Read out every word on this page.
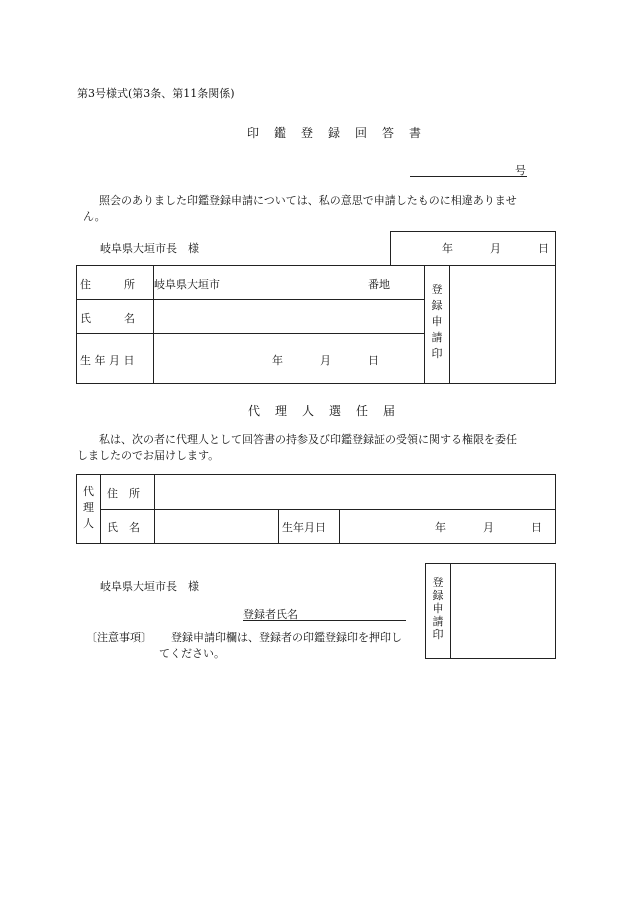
第3号様式(第3条、第11条関係)
印鑑登録回答書
号
照会のありました印鑑登録申請については、私の意思で申請したものに相違ありませ
ん。
岐阜県大垣市長　様	年	月	日
住　　　所 岐阜県大垣市	番地
氏　　　名
生 年 月 日	年	月	日
登
録
申
請
印
代理人選任届
私は、次の者に代理人として回答書の持参及び印鑑登録証の受領に関する権限を委任
しましたのでお届けします。
代
理
人
住　所
氏　名	生年月日	年	月	日
岐阜県大垣市長　様
登録者氏名
登
録
申
請
印
〔注意事項〕 登録申請印欄は、登録者の印鑑登録印を押印し
てください。
